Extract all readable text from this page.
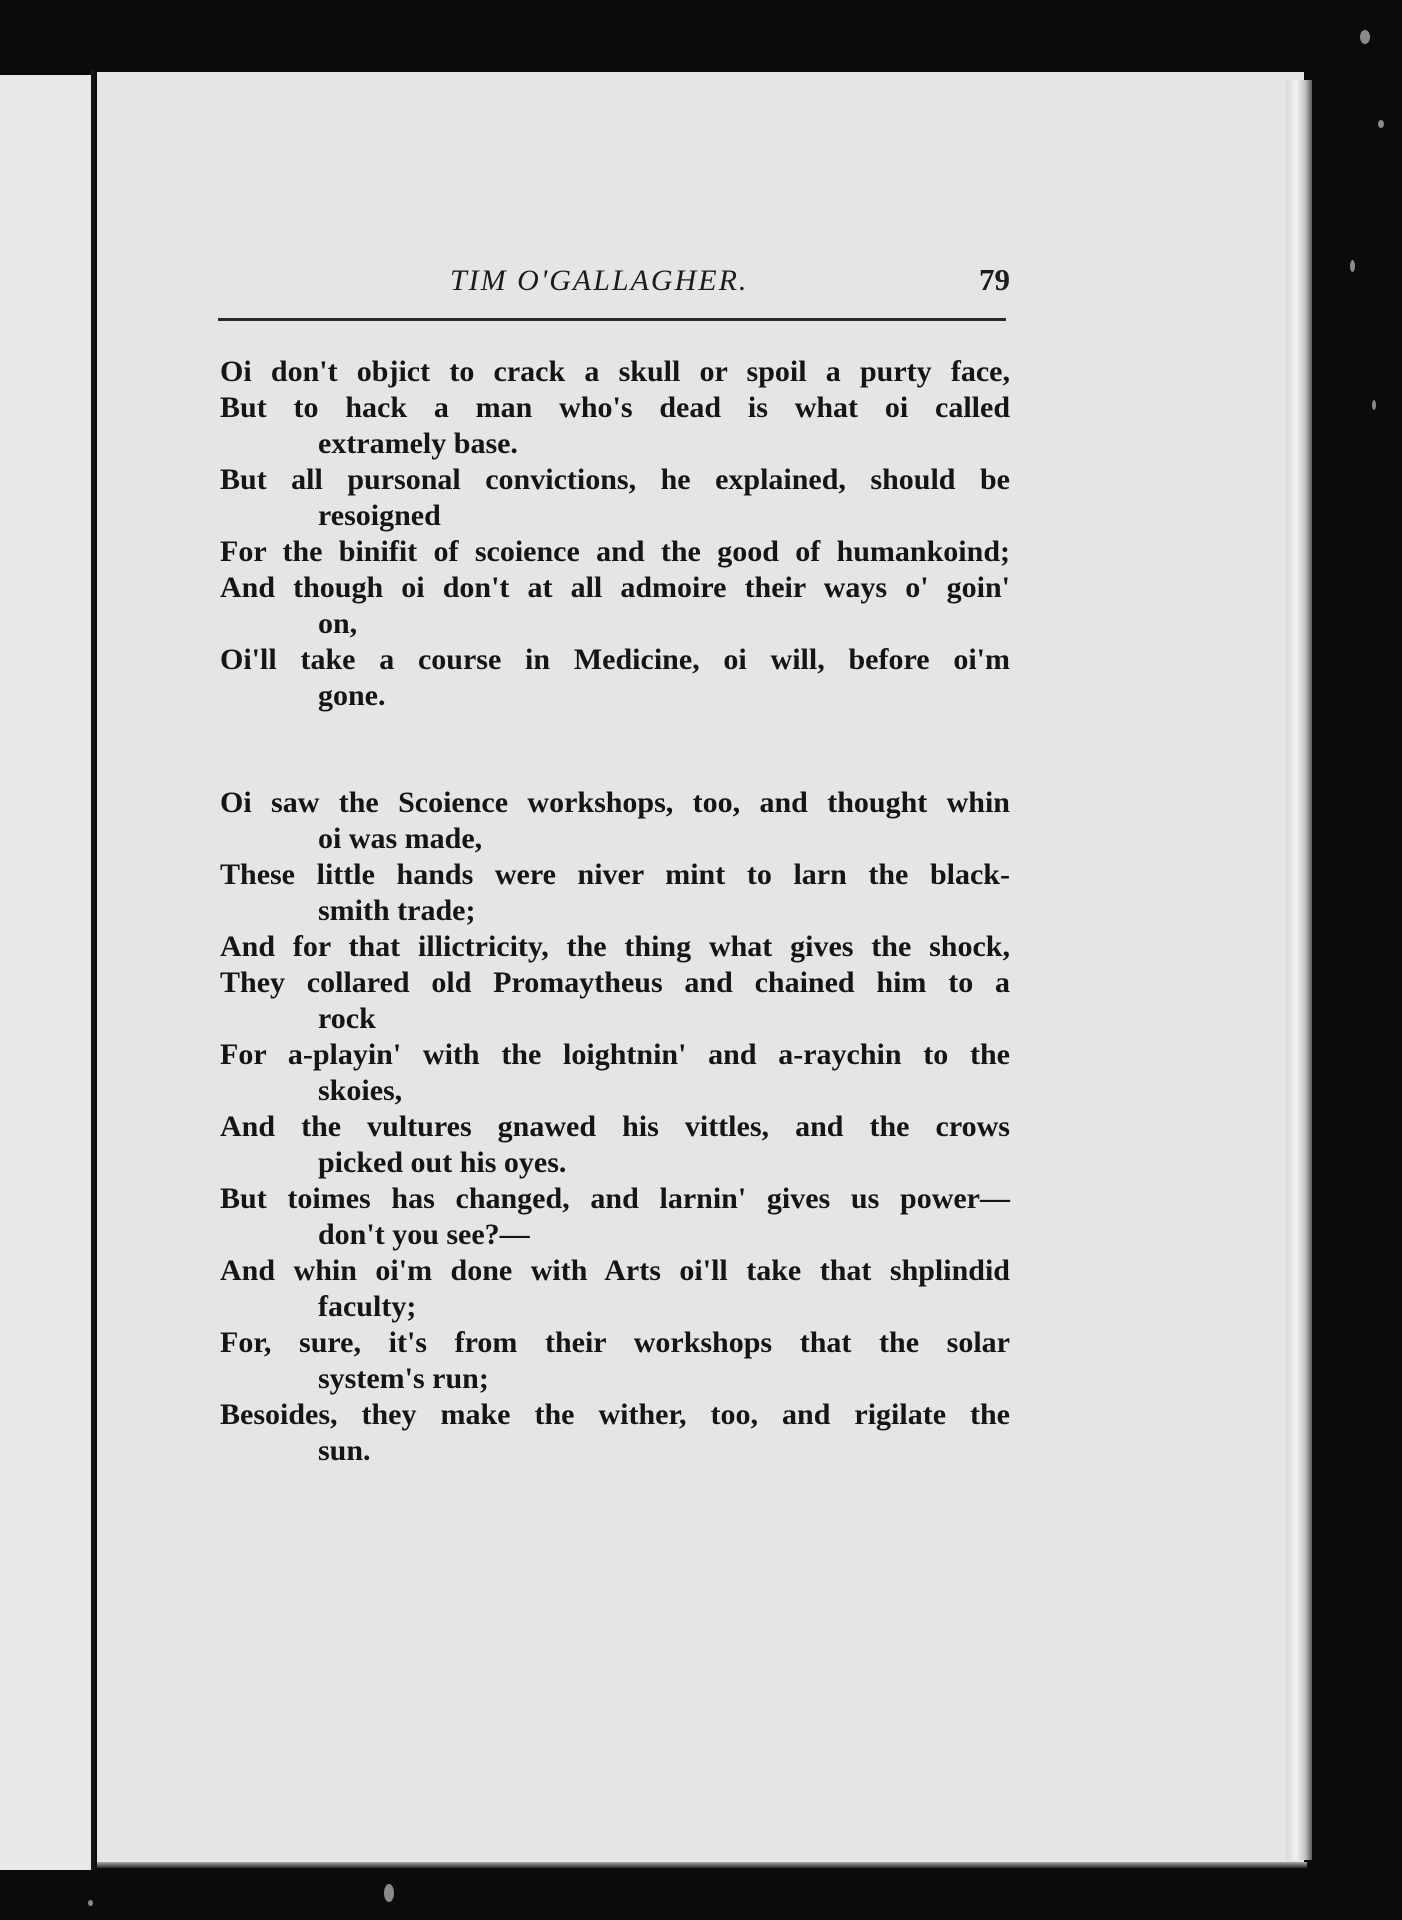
TIM O'GALLAGHER.	79
Oi don't objict to crack a skull or spoil a purty face,
But to hack a man who's dead is what oi called
extramely base.
But all pursonal convictions, he explained, should be
resoigned
For the binifit of scoience and the good of humankoind;
And though oi don't at all admoire their ways o' goin'
on,
Oi'll take a course in Medicine, oi will, before oi'm
gone.
Oi saw the Scoience workshops, too, and thought whin
oi was made,
These little hands were niver mint to larn the black-
smith trade;
And for that illictricity, the thing what gives the shock,
They collared old Promaytheus and chained him to a
rock
For a-playin' with the loightnin' and a-raychin to the
skoies,
And the vultures gnawed his vittles, and the crows
picked out his oyes.
But toimes has changed, and larnin' gives us power—
don't you see?—
And whin oi'm done with Arts oi'll take that shplindid
faculty;
For, sure, it's from their workshops that the solar
system's run;
Besoides, they make the wither, too, and rigilate the
sun.
